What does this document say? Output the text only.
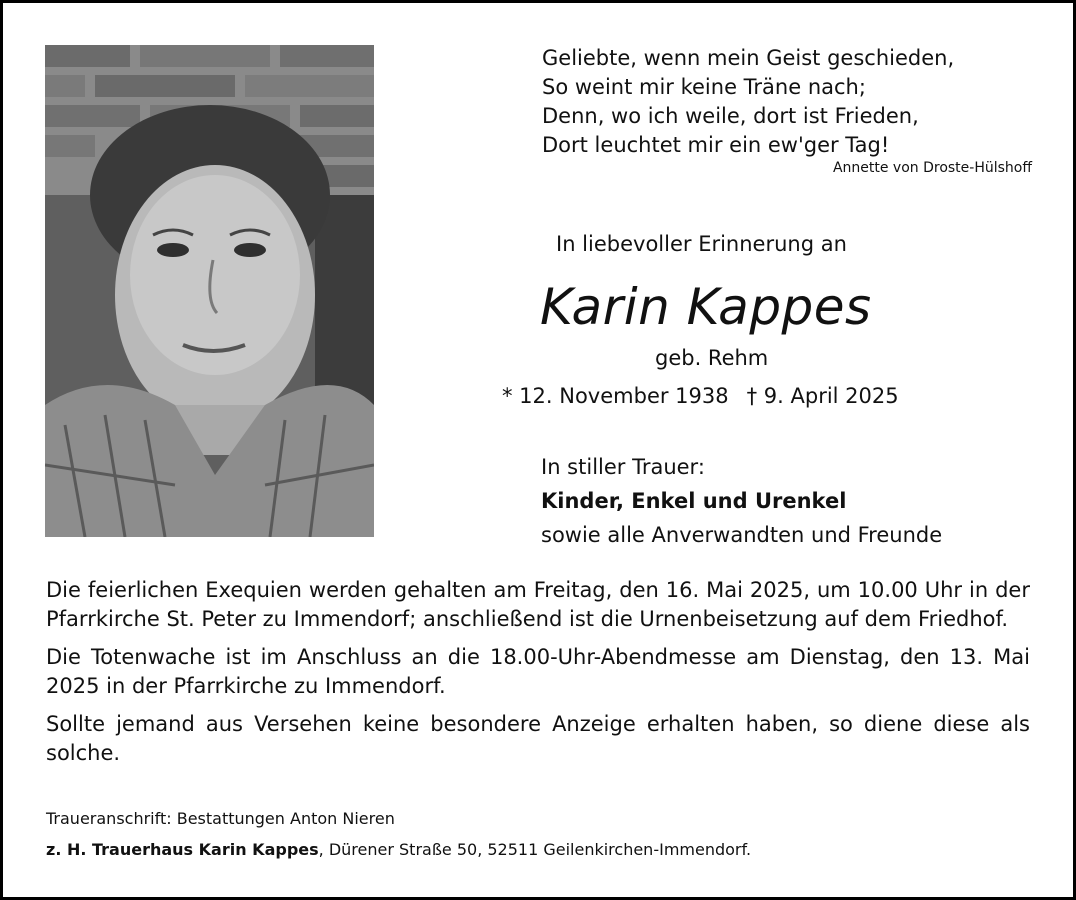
Geliebte, wenn mein Geist geschieden,
So weint mir keine Träne nach;
Denn, wo ich weile, dort ist Frieden,
Dort leuchtet mir ein ew'ger Tag!
Annette von Droste-Hülshoff
In liebevoller Erinnerung an
Karin Kappes
geb. Rehm
* 12. November 1938 † 9. April 2025
In stiller Trauer:
Kinder, Enkel und Urenkel
sowie alle Anverwandten und Freunde

Die feierlichen Exequien werden gehalten am Freitag, den 16. Mai 2025, um 10.00 Uhr in der Pfarrkirche St. Peter zu Immendorf; anschließend ist die Urnenbeisetzung auf dem Friedhof.

Die Totenwache ist im Anschluss an die 18.00-Uhr-Abendmesse am Dienstag, den 13. Mai 2025 in der Pfarrkirche zu Immendorf.

Sollte jemand aus Versehen keine besondere Anzeige erhalten haben, so diene diese als solche.

Traueranschrift: Bestattungen Anton Nieren
z. H. Trauerhaus Karin Kappes, Dürener Straße 50, 52511 Geilenkirchen-Immendorf.
